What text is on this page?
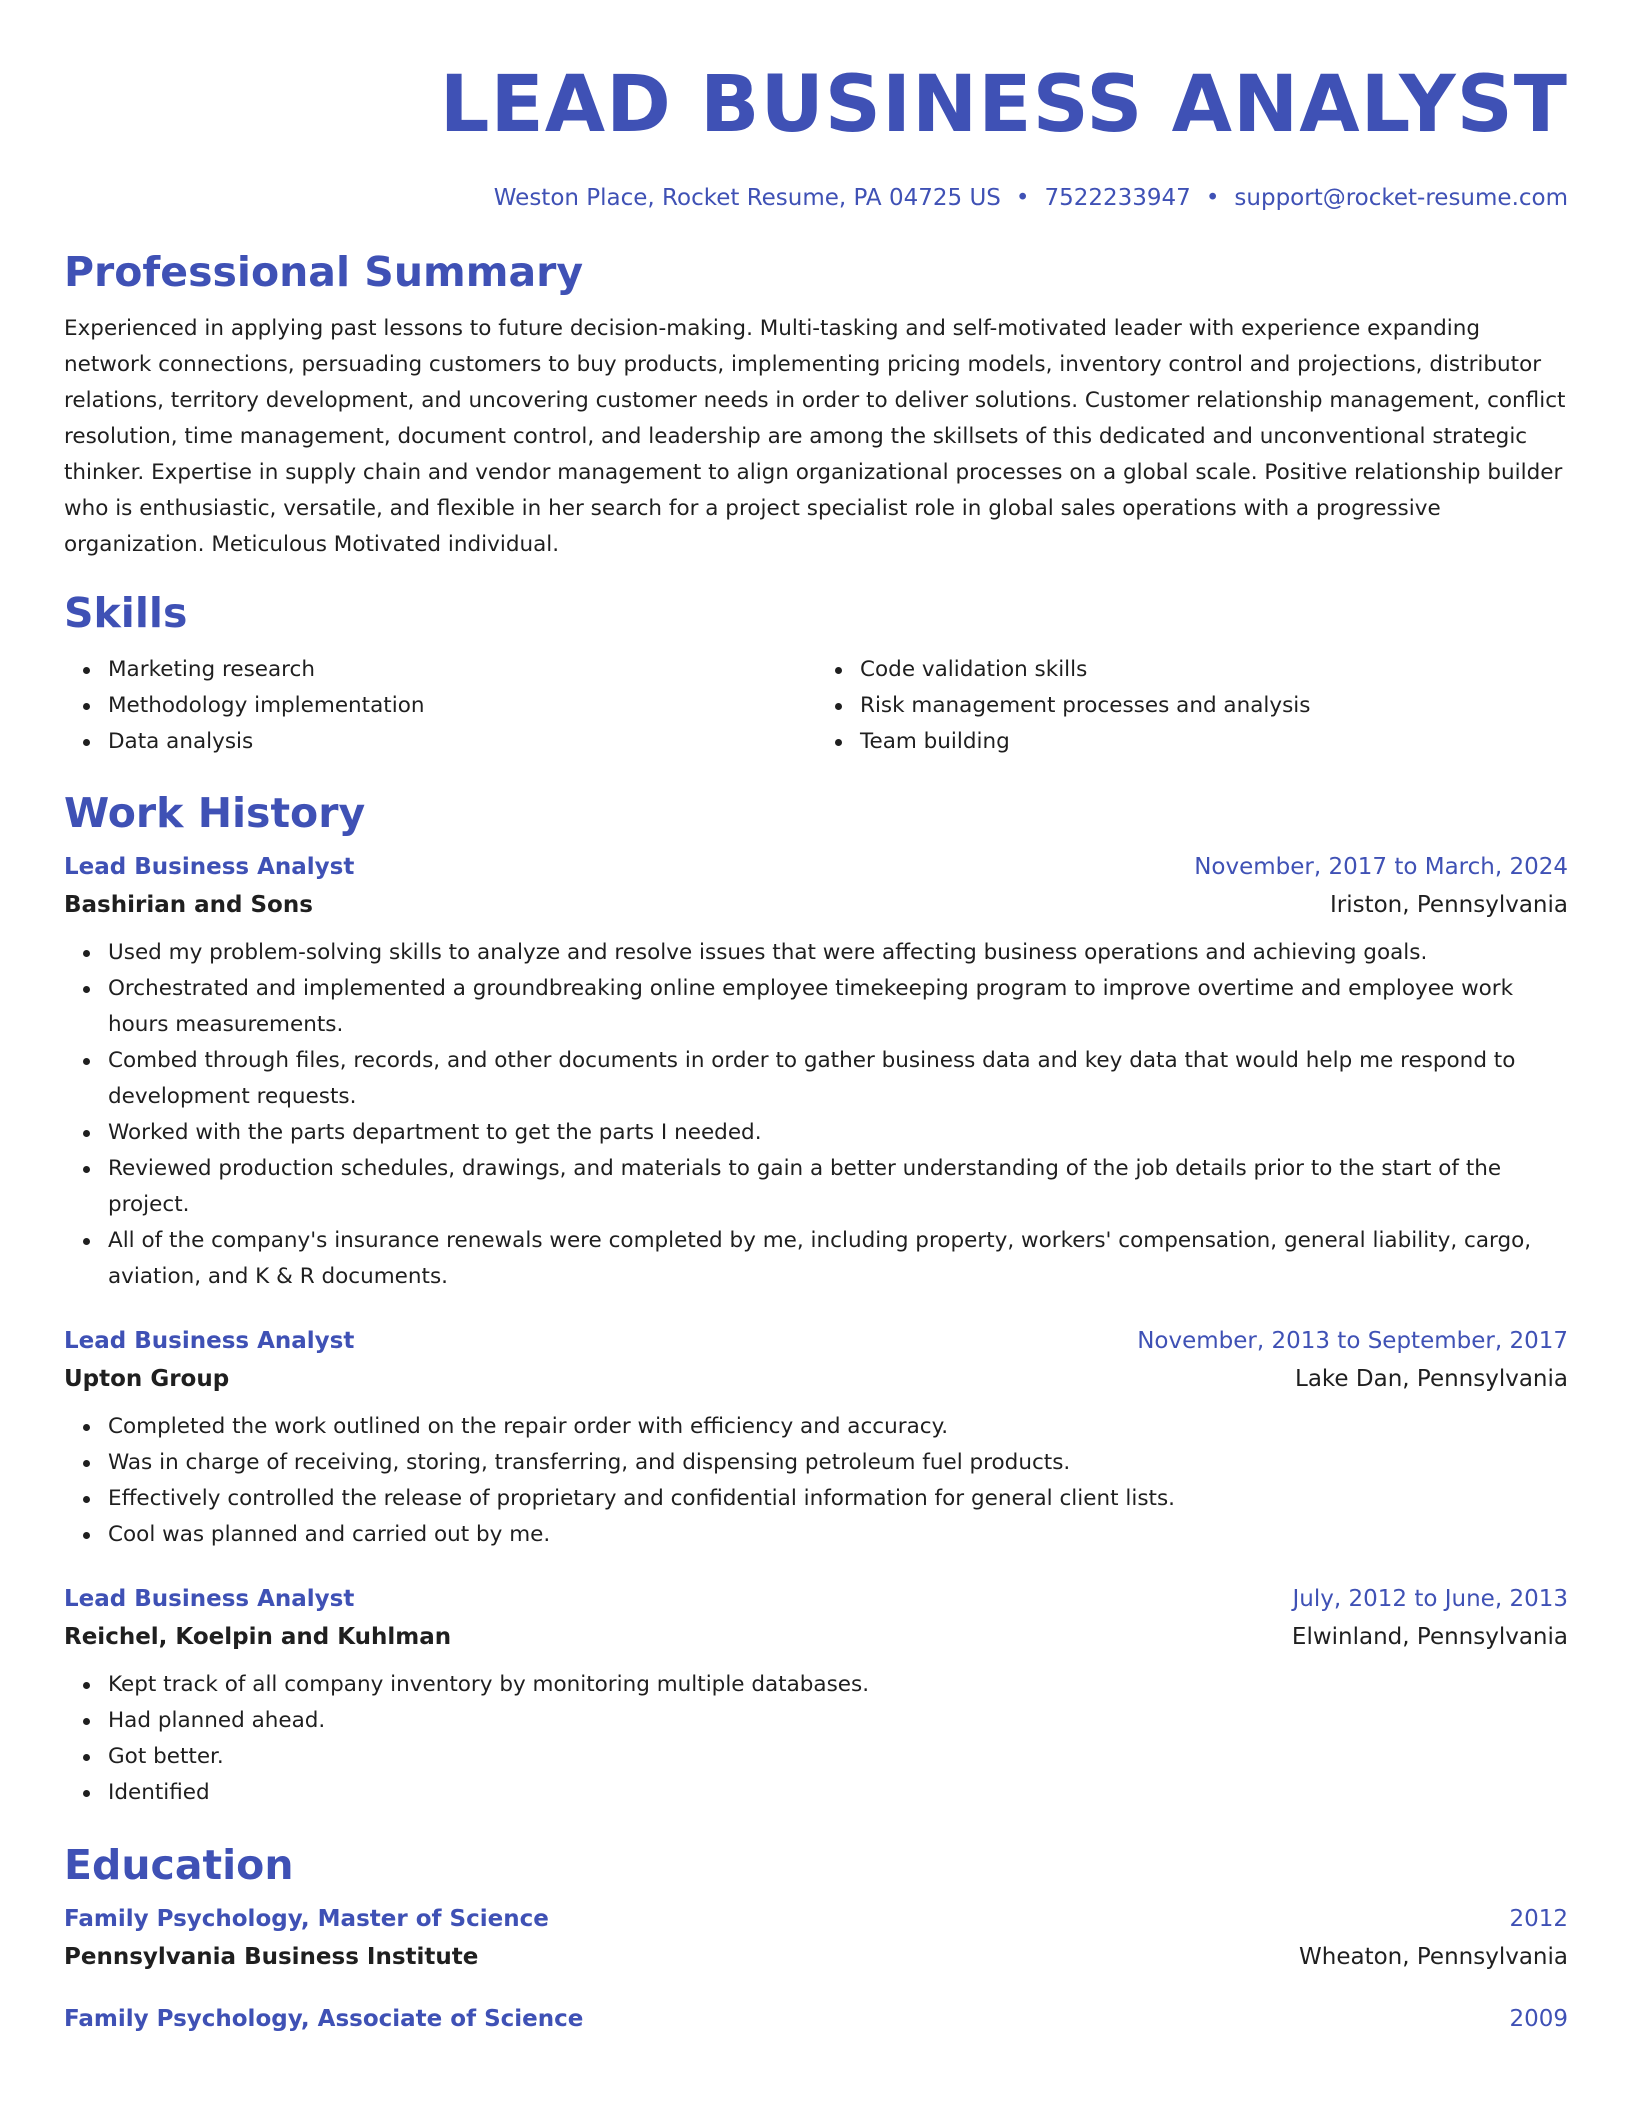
LEAD BUSINESS ANALYST
Weston Place, Rocket Resume, PA 04725 US • 7522233947 • support@rocket-resume.com
Professional Summary
Experienced in applying past lessons to future decision-making. Multi-tasking and self-motivated leader with experience expanding network connections, persuading customers to buy products, implementing pricing models, inventory control and projections, distributor relations, territory development, and uncovering customer needs in order to deliver solutions. Customer relationship management, conflict resolution, time management, document control, and leadership are among the skillsets of this dedicated and unconventional strategic thinker. Expertise in supply chain and vendor management to align organizational processes on a global scale. Positive relationship builder who is enthusiastic, versatile, and flexible in her search for a project specialist role in global sales operations with a progressive organization. Meticulous Motivated individual.
Skills
Marketing research
Methodology implementation
Data analysis
Code validation skills
Risk management processes and analysis
Team building
Work History
Lead Business Analyst	November, 2017 to March, 2024
Bashirian and Sons	Iriston, Pennsylvania
Used my problem-solving skills to analyze and resolve issues that were affecting business operations and achieving goals.
Orchestrated and implemented a groundbreaking online employee timekeeping program to improve overtime and employee work hours measurements.
Combed through files, records, and other documents in order to gather business data and key data that would help me respond to development requests.
Worked with the parts department to get the parts I needed.
Reviewed production schedules, drawings, and materials to gain a better understanding of the job details prior to the start of the project.
All of the company's insurance renewals were completed by me, including property, workers' compensation, general liability, cargo, aviation, and K & R documents.
Lead Business Analyst	November, 2013 to September, 2017
Upton Group	Lake Dan, Pennsylvania
Completed the work outlined on the repair order with efficiency and accuracy.
Was in charge of receiving, storing, transferring, and dispensing petroleum fuel products.
Effectively controlled the release of proprietary and confidential information for general client lists.
Cool was planned and carried out by me.
Lead Business Analyst	July, 2012 to June, 2013
Reichel, Koelpin and Kuhlman	Elwinland, Pennsylvania
Kept track of all company inventory by monitoring multiple databases.
Had planned ahead.
Got better.
Identified
Education
Family Psychology, Master of Science	2012
Pennsylvania Business Institute	Wheaton, Pennsylvania
Family Psychology, Associate of Science	2009
